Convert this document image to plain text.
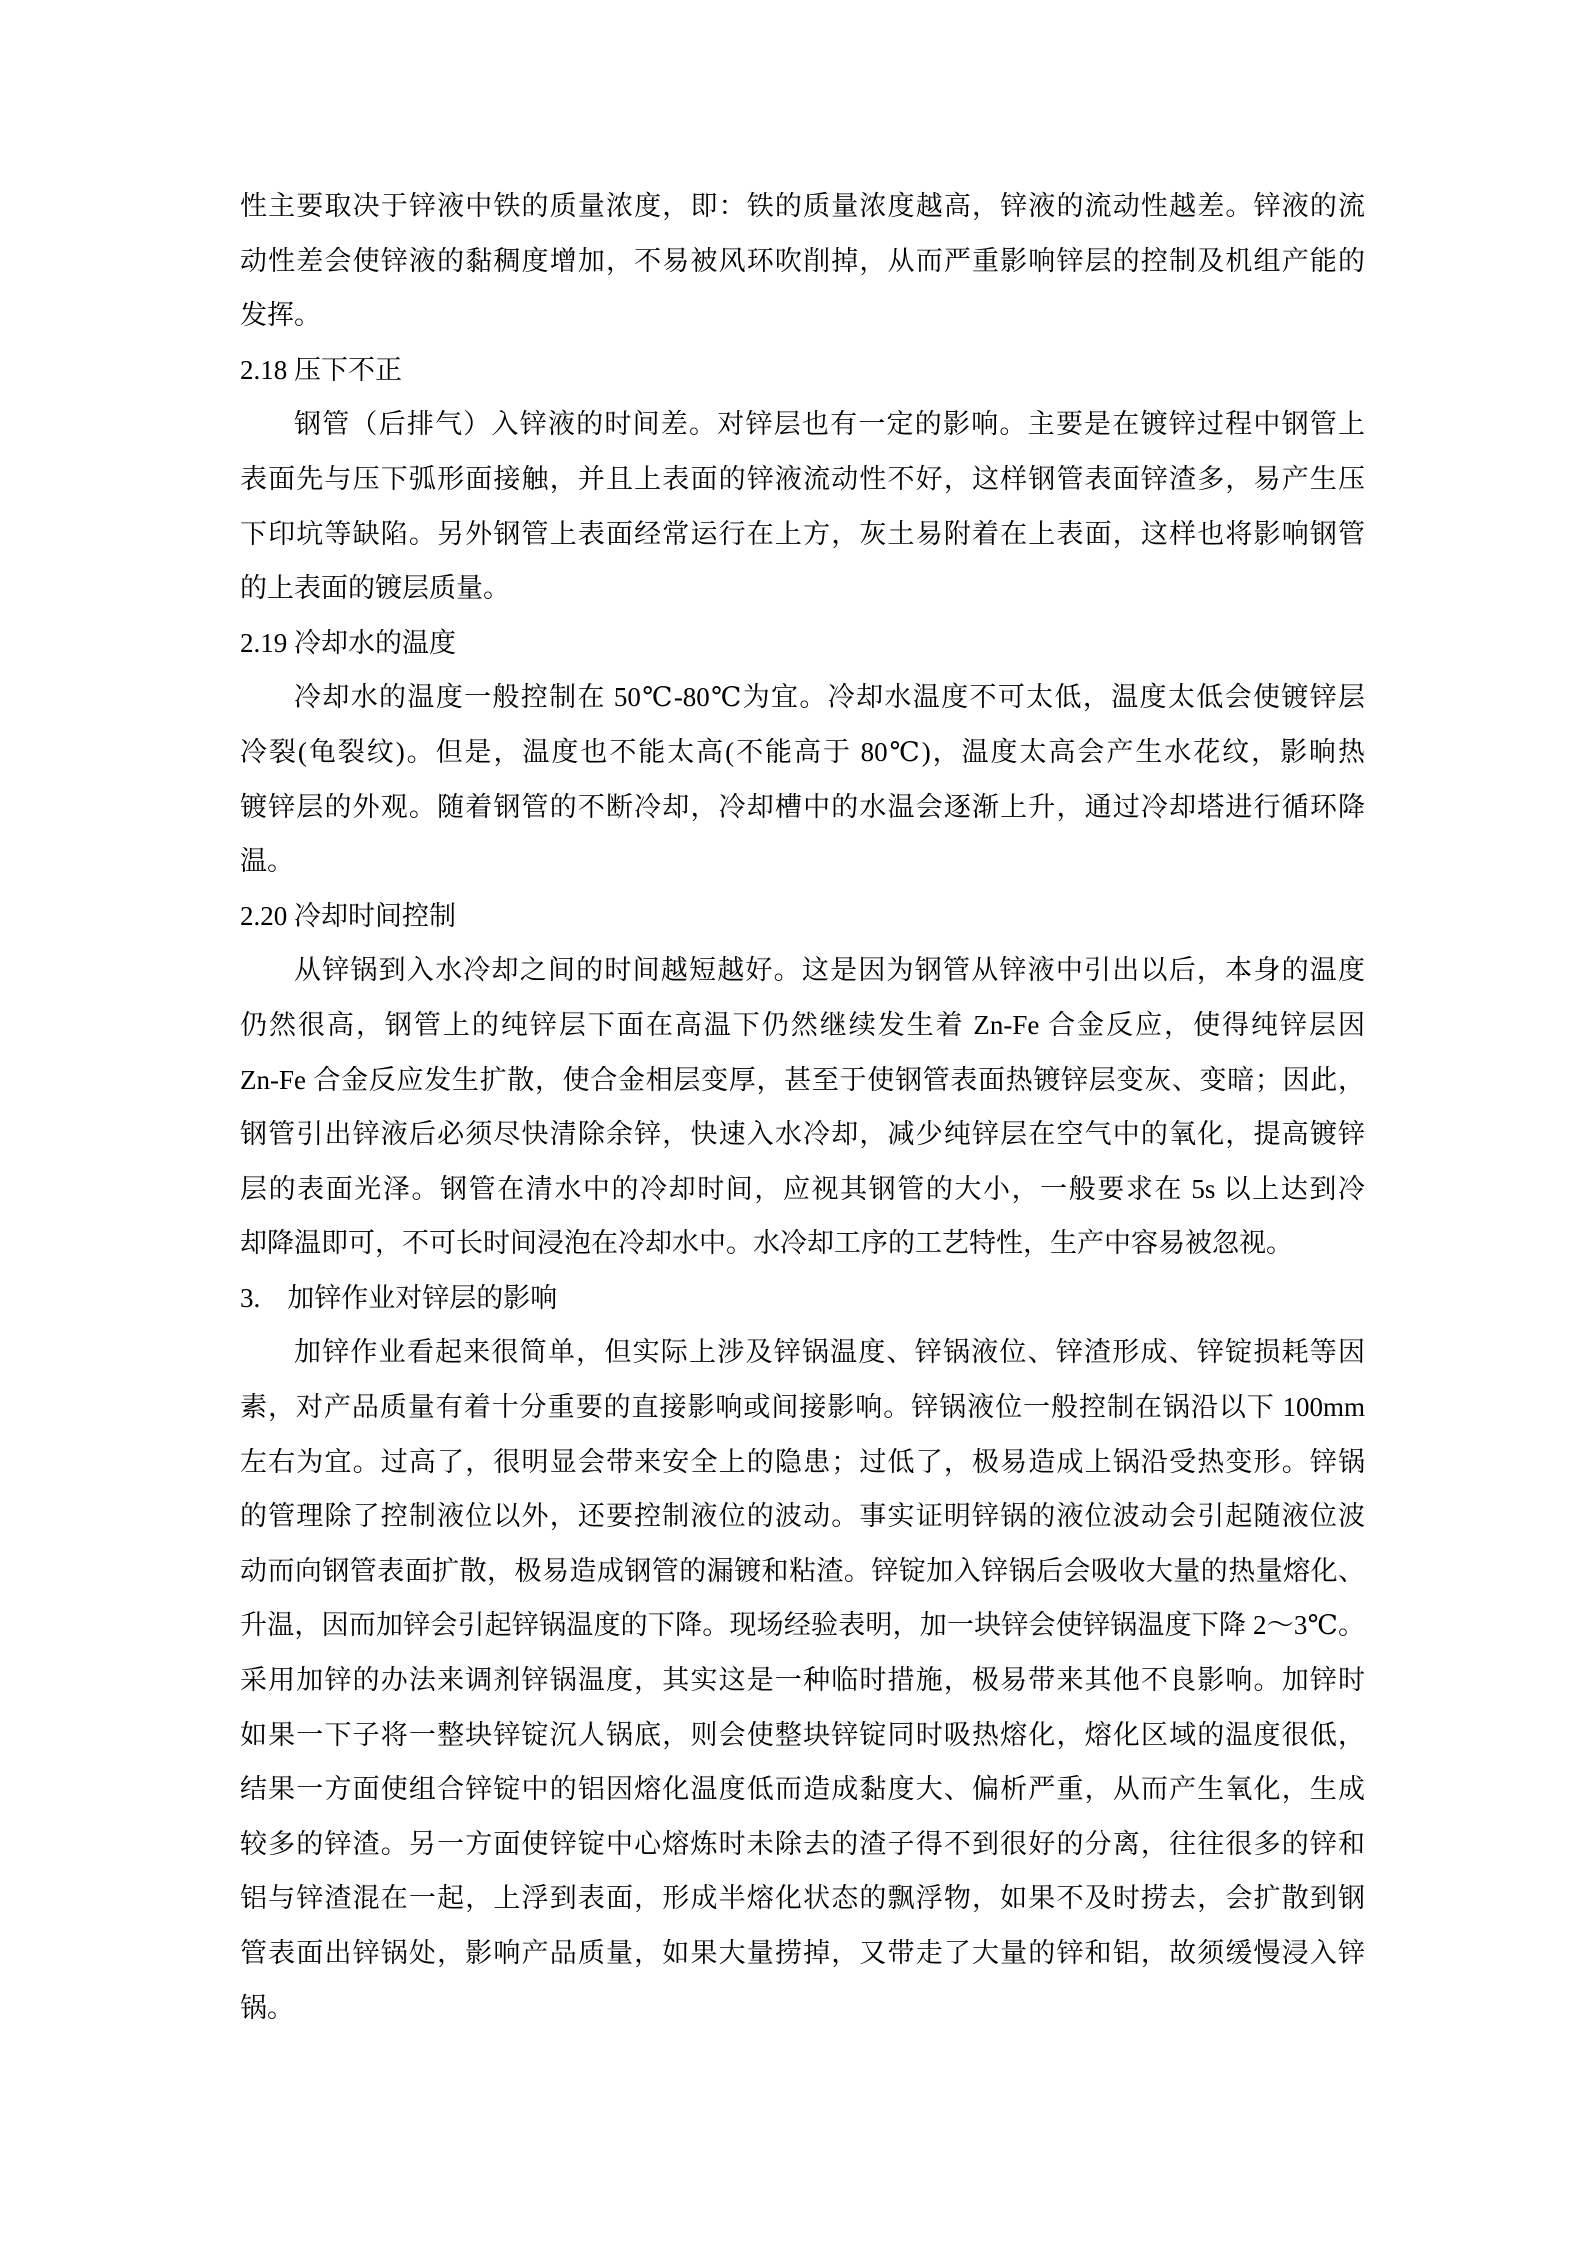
性主要取决于锌液中铁的质量浓度，即：铁的质量浓度越高，锌液的流动性越差。锌液的流
动性差会使锌液的黏稠度增加，不易被风环吹削掉，从而严重影响锌层的控制及机组产能的
发挥。
2.18 压下不正
钢管（后排气）入锌液的时间差。对锌层也有一定的影响。主要是在镀锌过程中钢管上
表面先与压下弧形面接触，并且上表面的锌液流动性不好，这样钢管表面锌渣多，易产生压
下印坑等缺陷。另外钢管上表面经常运行在上方，灰土易附着在上表面，这样也将影响钢管
的上表面的镀层质量。
2.19 冷却水的温度
冷却水的温度一般控制在 50℃-80℃为宜。冷却水温度不可太低，温度太低会使镀锌层
冷裂(龟裂纹)。但是，温度也不能太高(不能高于 80℃)，温度太高会产生水花纹，影晌热
镀锌层的外观。随着钢管的不断冷却，冷却槽中的水温会逐渐上升，通过冷却塔进行循环降
温。
2.20 冷却时间控制
从锌锅到入水冷却之间的时间越短越好。这是因为钢管从锌液中引出以后，本身的温度
仍然很高，钢管上的纯锌层下面在高温下仍然继续发生着 Zn-Fe 合金反应，使得纯锌层因
Zn-Fe 合金反应发生扩散，使合金相层变厚，甚至于使钢管表面热镀锌层变灰、变暗；因此，
钢管引出锌液后必须尽快清除余锌，快速入水冷却，减少纯锌层在空气中的氧化，提高镀锌
层的表面光泽。钢管在清水中的冷却时间，应视其钢管的大小，一般要求在 5s 以上达到冷
却降温即可，不可长时间浸泡在冷却水中。水冷却工序的工艺特性，生产中容易被忽视。
3.　加锌作业对锌层的影响
加锌作业看起来很简单，但实际上涉及锌锅温度、锌锅液位、锌渣形成、锌锭损耗等因
素，对产品质量有着十分重要的直接影响或间接影响。锌锅液位一般控制在锅沿以下 100mm
左右为宜。过高了，很明显会带来安全上的隐患；过低了，极易造成上锅沿受热变形。锌锅
的管理除了控制液位以外，还要控制液位的波动。事实证明锌锅的液位波动会引起随液位波
动而向钢管表面扩散，极易造成钢管的漏镀和粘渣。锌锭加入锌锅后会吸收大量的热量熔化、
升温，因而加锌会引起锌锅温度的下降。现场经验表明，加一块锌会使锌锅温度下降 2～3℃。
采用加锌的办法来调剂锌锅温度，其实这是一种临时措施，极易带来其他不良影响。加锌时
如果一下子将一整块锌锭沉人锅底，则会使整块锌锭同时吸热熔化，熔化区域的温度很低，
结果一方面使组合锌锭中的铝因熔化温度低而造成黏度大、偏析严重，从而产生氧化，生成
较多的锌渣。另一方面使锌锭中心熔炼时未除去的渣子得不到很好的分离，往往很多的锌和
铝与锌渣混在一起，上浮到表面，形成半熔化状态的飘浮物，如果不及时捞去，会扩散到钢
管表面出锌锅处，影响产品质量，如果大量捞掉，又带走了大量的锌和铝，故须缓慢浸入锌
锅。
